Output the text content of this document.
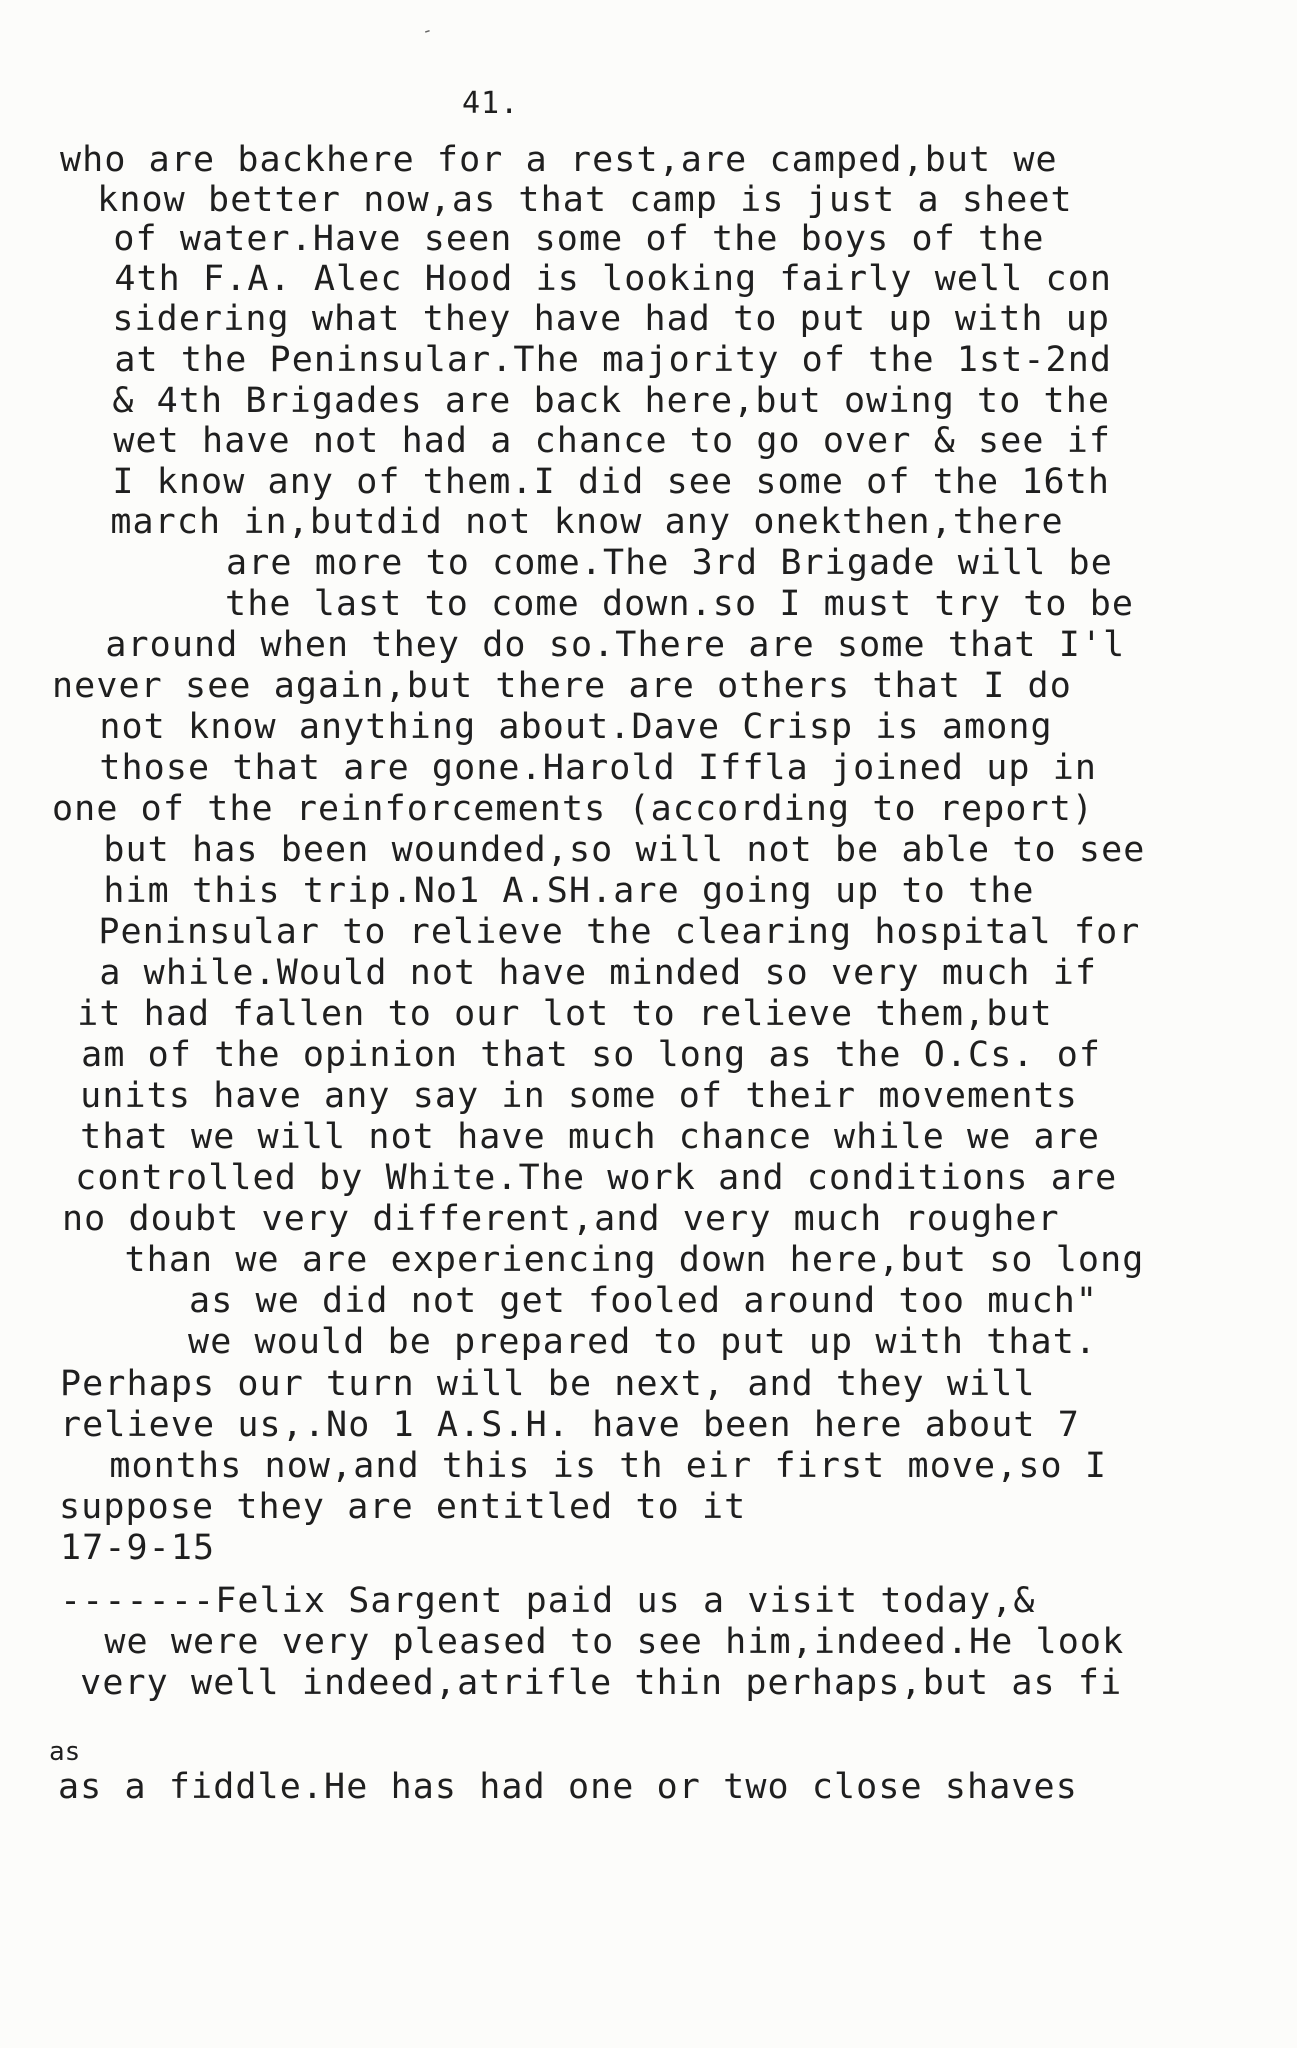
-
41.
who are backhere for a rest,are camped,but we
know better now,as that camp is just a sheet
of water.Have seen some of the boys of the
4th F.A. Alec Hood is looking fairly well con
sidering what they have had to put up with up
at the Peninsular.The majority of the 1st-2nd
& 4th Brigades are back here,but owing to the
wet have not had a chance to go over & see if
I know any of them.I did see some of the 16th
march in,butdid not know any onekthen,there
are more to come.The 3rd Brigade will be
the last to come down.so I must try to be
around when they do so.There are some that I'l
never see again,but there are others that I do
not know anything about.Dave Crisp is among
those that are gone.Harold Iffla joined up in
one of the reinforcements (according to report)
but has been wounded,so will not be able to see
him this trip.No1 A.SH.are going up to the
Peninsular to relieve the clearing hospital for
a while.Would not have minded so very much if
it had fallen to our lot to relieve them,but
am of the opinion that so long as the O.Cs. of
units have any say in some of their movements
that we will not have much chance while we are
controlled by White.The work and conditions are
no doubt very different,and very much rougher
than we are experiencing down here,but so long
as we did not get fooled around too much"
we would be prepared to put up with that.
Perhaps our turn will be next, and they will
relieve us,.No 1 A.S.H. have been here about 7
months now,and this is th eir first move,so I
suppose they are entitled to it
17-9-15
-------Felix Sargent paid us a visit today,&
we were very pleased to see him,indeed.He look
very well indeed,atrifle thin perhaps,but as fi
as
as a fiddle.He has had one or two close shaves
